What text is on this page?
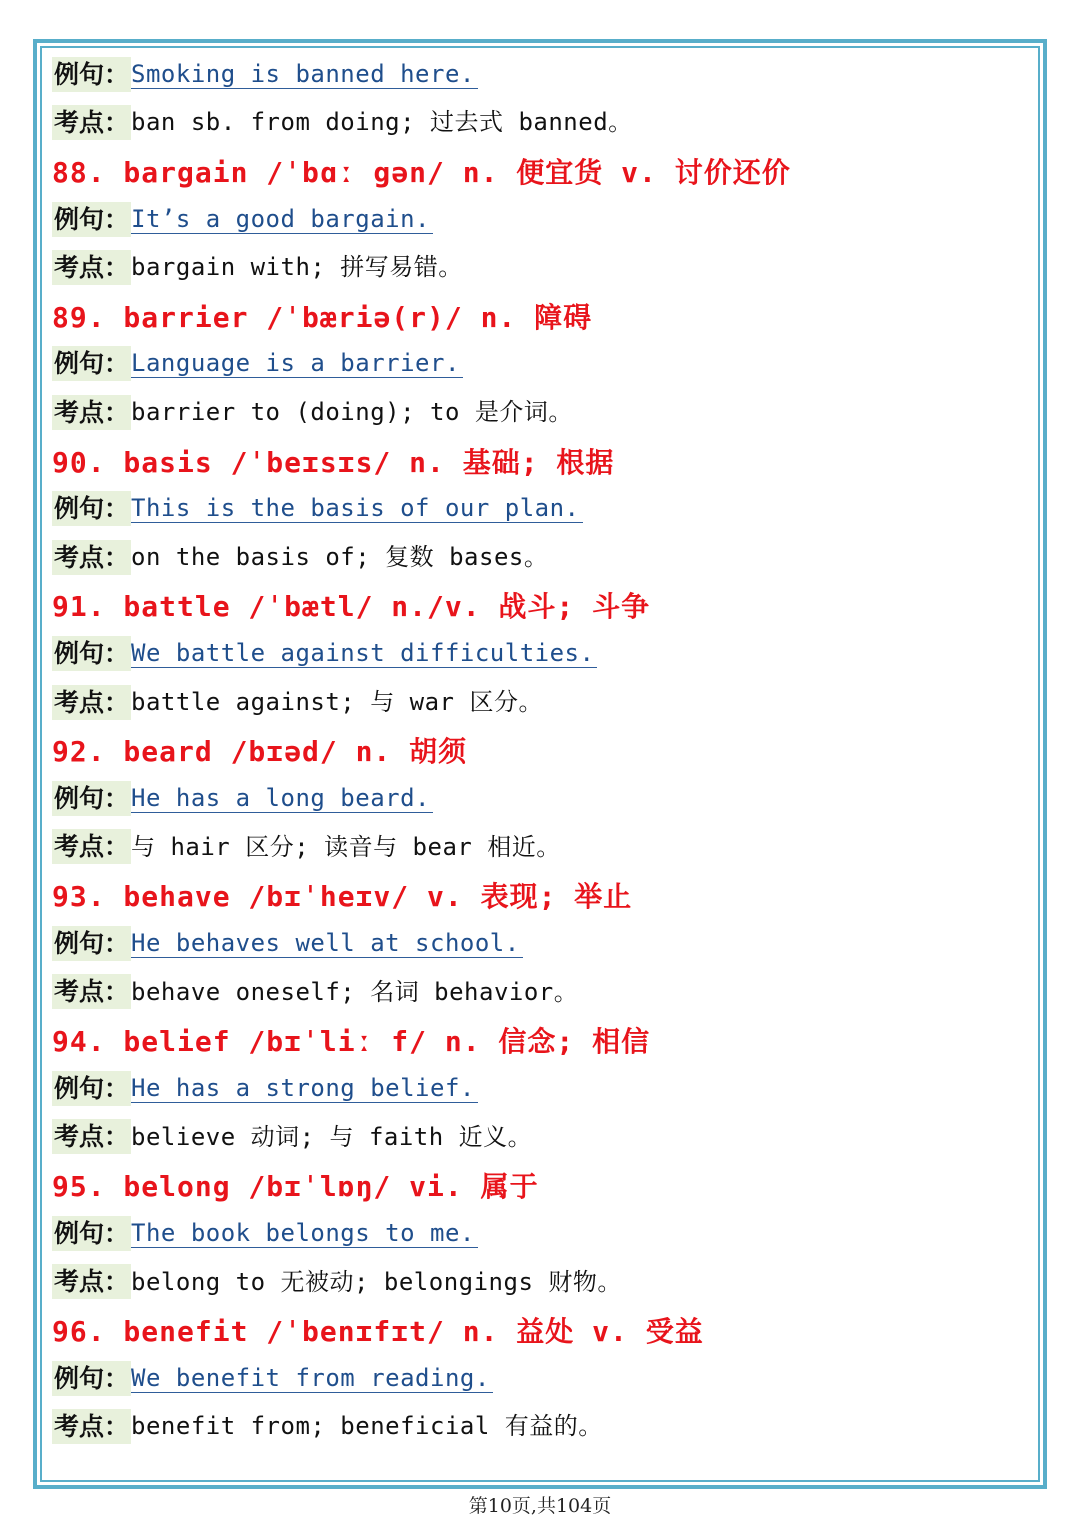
例句： Smoking is banned here.
考点： ban sb. from doing; 过去式 banned。
88. bargain /ˈbɑː gən/ n. 便宜货 v. 讨价还价
例句： It’s a good bargain.
考点： bargain with; 拼写易错。
89. barrier /ˈbæriə(r)/ n. 障碍
例句： Language is a barrier.
考点： barrier to (doing); to 是介词。
90. basis /ˈbeɪsɪs/ n. 基础; 根据
例句： This is the basis of our plan.
考点： on the basis of; 复数 bases。
91. battle /ˈbætl/ n./v. 战斗; 斗争
例句： We battle against difficulties.
考点： battle against; 与 war 区分。
92. beard /bɪəd/ n. 胡须
例句： He has a long beard.
考点： 与 hair 区分; 读音与 bear 相近。
93. behave /bɪˈheɪv/ v. 表现; 举止
例句： He behaves well at school.
考点： behave oneself; 名词 behavior。
94. belief /bɪˈliː f/ n. 信念; 相信
例句： He has a strong belief.
考点： believe 动词; 与 faith 近义。
95. belong /bɪˈlɒŋ/ vi. 属于
例句： The book belongs to me.
考点： belong to 无被动; belongings 财物。
96. benefit /ˈbenɪfɪt/ n. 益处 v. 受益
例句： We benefit from reading.
考点： benefit from; beneficial 有益的。
第10页,共104页
